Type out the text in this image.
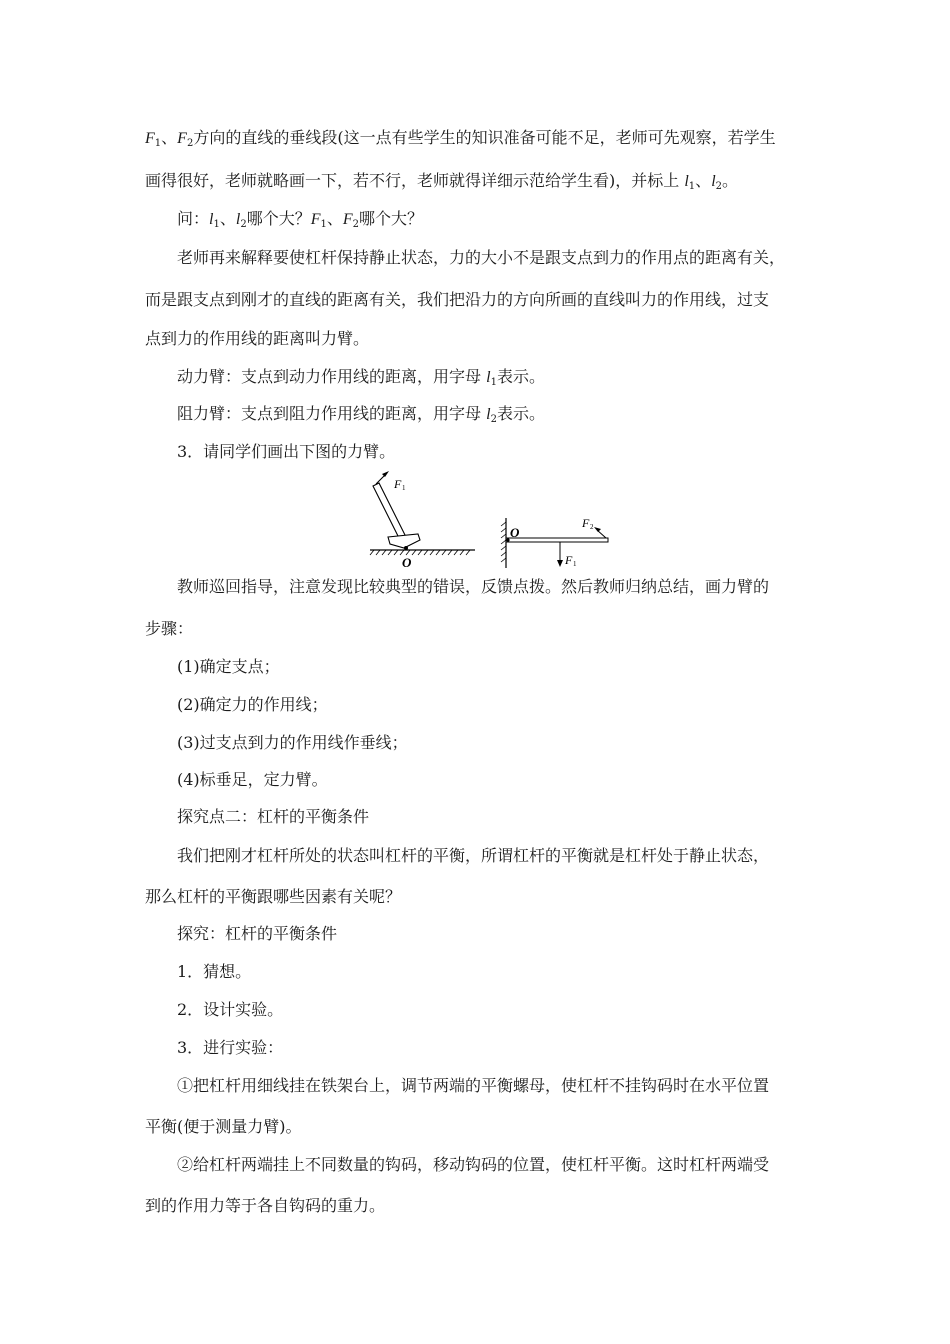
$F_1$、$F_2$方向的直线的垂线段(这一点有些学生的知识准备可能不足，老师可先观察，若学生
画得很好，老师就略画一下，若不行，老师就得详细示范给学生看)，并标上 $l_1$、$l_2$。
问：$l_1$、$l_2$哪个大？$F_1$、$F_2$哪个大？
老师再来解释要使杠杆保持静止状态，力的大小不是跟支点到力的作用点的距离有关，
而是跟支点到刚才的直线的距离有关，我们把沿力的方向所画的直线叫力的作用线，过支
点到力的作用线的距离叫力臂。
动力臂：支点到动力作用线的距离，用字母 $l_1$表示。
阻力臂：支点到阻力作用线的距离，用字母 $l_2$表示。
3．请同学们画出下图的力臂。
F 1
O
O
F 2
F 1
教师巡回指导，注意发现比较典型的错误，反馈点拨。然后教师归纳总结，画力臂的
步骤：
(1)确定支点；
(2)确定力的作用线；
(3)过支点到力的作用线作垂线；
(4)标垂足，定力臂。
探究点二：杠杆的平衡条件
我们把刚才杠杆所处的状态叫杠杆的平衡，所谓杠杆的平衡就是杠杆处于静止状态，
那么杠杆的平衡跟哪些因素有关呢？
探究：杠杆的平衡条件
1．猜想。
2．设计实验。
3．进行实验：
①把杠杆用细线挂在铁架台上，调节两端的平衡螺母，使杠杆不挂钩码时在水平位置
平衡(便于测量力臂)。
②给杠杆两端挂上不同数量的钩码，移动钩码的位置，使杠杆平衡。这时杠杆两端受
到的作用力等于各自钩码的重力。
